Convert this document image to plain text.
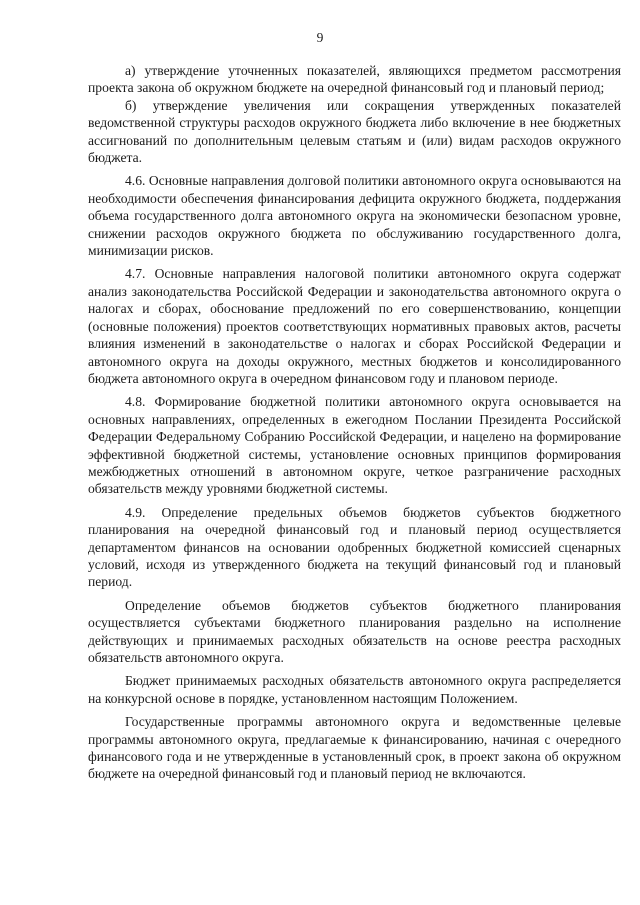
9

а) утверждение уточненных показателей, являющихся предметом рассмотрения проекта закона об окружном бюджете на очередной финансовый год и плановый период;

б) утверждение увеличения или сокращения утвержденных показателей ведомственной структуры расходов окружного бюджета либо включение в нее бюджетных ассигнований по дополнительным целевым статьям и (или) видам расходов окружного бюджета.

4.6. Основные направления долговой политики автономного округа основываются на необходимости обеспечения финансирования дефицита окружного бюджета, поддержания объема государственного долга автономного округа на экономически безопасном уровне, снижении расходов окружного бюджета по обслуживанию государственного долга, минимизации рисков.

4.7. Основные направления налоговой политики автономного округа содержат анализ законодательства Российской Федерации и законодательства автономного округа о налогах и сборах, обоснование предложений по его совершенствованию, концепции (основные положения) проектов соответствующих нормативных правовых актов, расчеты влияния изменений в законодательстве о налогах и сборах Российской Федерации и автономного округа на доходы окружного, местных бюджетов и консолидированного бюджета автономного округа в очередном финансовом году и плановом периоде.

4.8. Формирование бюджетной политики автономного округа основывается на основных направлениях, определенных в ежегодном Послании Президента Российской Федерации Федеральному Собранию Российской Федерации, и нацелено на формирование эффективной бюджетной системы, установление основных принципов формирования межбюджетных отношений в автономном округе, четкое разграничение расходных обязательств между уровнями бюджетной системы.

4.9. Определение предельных объемов бюджетов субъектов бюджетного планирования на очередной финансовый год и плановый период осуществляется департаментом финансов на основании одобренных бюджетной комиссией сценарных условий, исходя из утвержденного бюджета на текущий финансовый год и плановый период.

Определение объемов бюджетов субъектов бюджетного планирования осуществляется субъектами бюджетного планирования раздельно на исполнение действующих и принимаемых расходных обязательств на основе реестра расходных обязательств автономного округа.

Бюджет принимаемых расходных обязательств автономного округа распределяется на конкурсной основе в порядке, установленном настоящим Положением.

Государственные программы автономного округа и ведомственные целевые программы автономного округа, предлагаемые к финансированию, начиная с очередного финансового года и не утвержденные в установленный срок, в проект закона об окружном бюджете на очередной финансовый год и плановый период не включаются.
